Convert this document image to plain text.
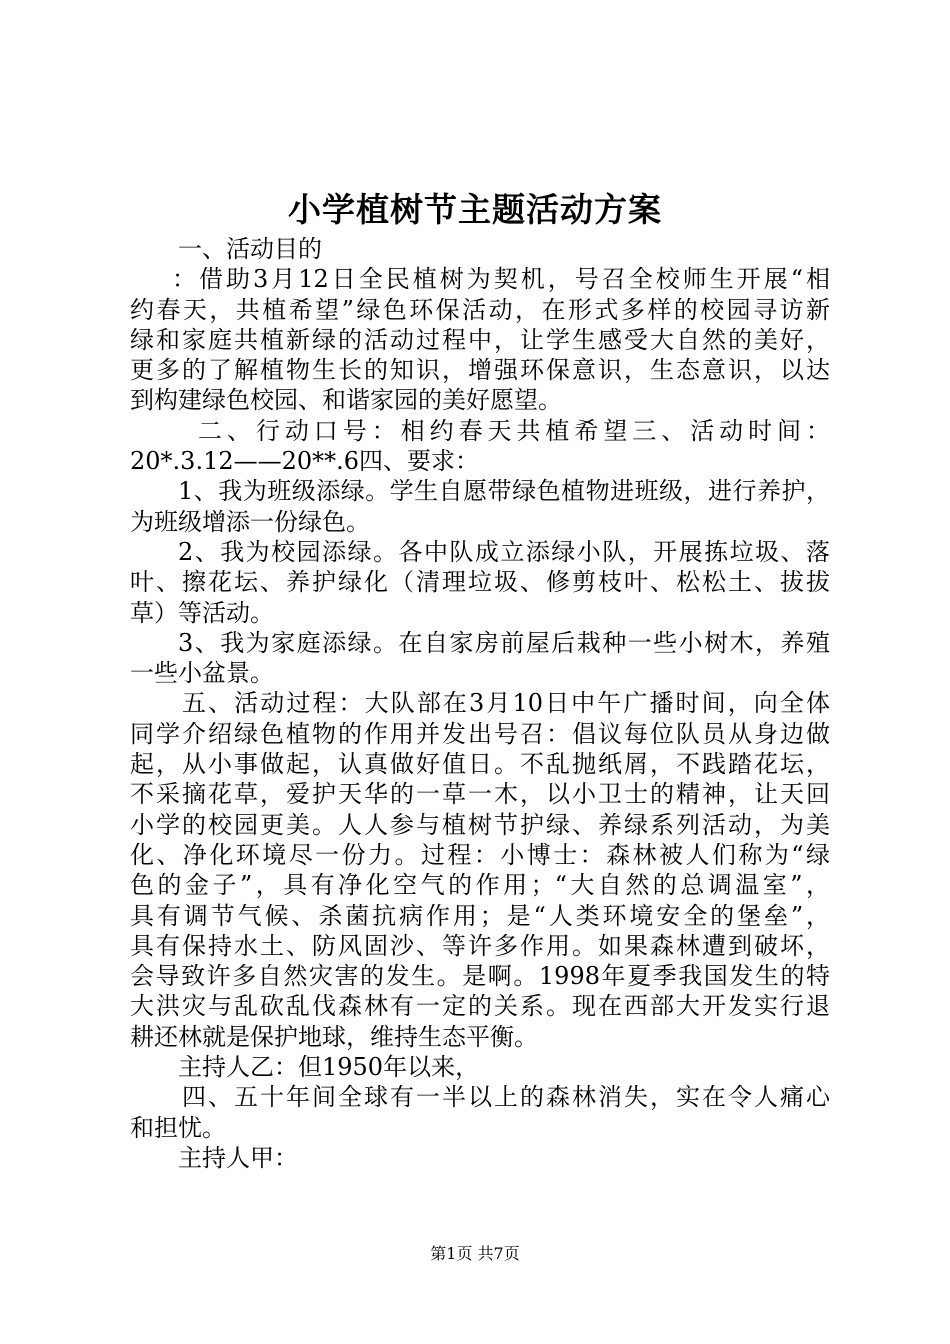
小学植树节主题活动方案
一、活动目的
：借助3月12日全民植树为契机，号召全校师生开展“相
约春天，共植希望”绿色环保活动，在形式多样的校园寻访新
绿和家庭共植新绿的活动过程中，让学生感受大自然的美好，
更多的了解植物生长的知识，增强环保意识，生态意识，以达
到构建绿色校园、和谐家园的美好愿望。
二、行动口号：相约春天共植希望三、活动时间：
20*.3.12——20**.6四、要求：
1、我为班级添绿。学生自愿带绿色植物进班级，进行养护，
为班级增添一份绿色。
2、我为校园添绿。各中队成立添绿小队，开展拣垃圾、落
叶、擦花坛、养护绿化（清理垃圾、修剪枝叶、松松土、拔拔
草）等活动。
3、我为家庭添绿。在自家房前屋后栽种一些小树木，养殖
一些小盆景。
五、活动过程：大队部在3月10日中午广播时间，向全体
同学介绍绿色植物的作用并发出号召：倡议每位队员从身边做
起，从小事做起，认真做好值日。不乱抛纸屑，不践踏花坛，
不采摘花草，爱护天华的一草一木，以小卫士的精神，让天回
小学的校园更美。人人参与植树节护绿、养绿系列活动，为美
化、净化环境尽一份力。过程：小博士：森林被人们称为“绿
色的金子”，具有净化空气的作用；“大自然的总调温室”，
具有调节气候、杀菌抗病作用；是“人类环境安全的堡垒”，
具有保持水土、防风固沙、等许多作用。如果森林遭到破坏，
会导致许多自然灾害的发生。是啊。1998年夏季我国发生的特
大洪灾与乱砍乱伐森林有一定的关系。现在西部大开发实行退
耕还林就是保护地球，维持生态平衡。
主持人乙：但1950年以来，
四、五十年间全球有一半以上的森林消失，实在令人痛心
和担忧。
主持人甲：
第1页 共7页
